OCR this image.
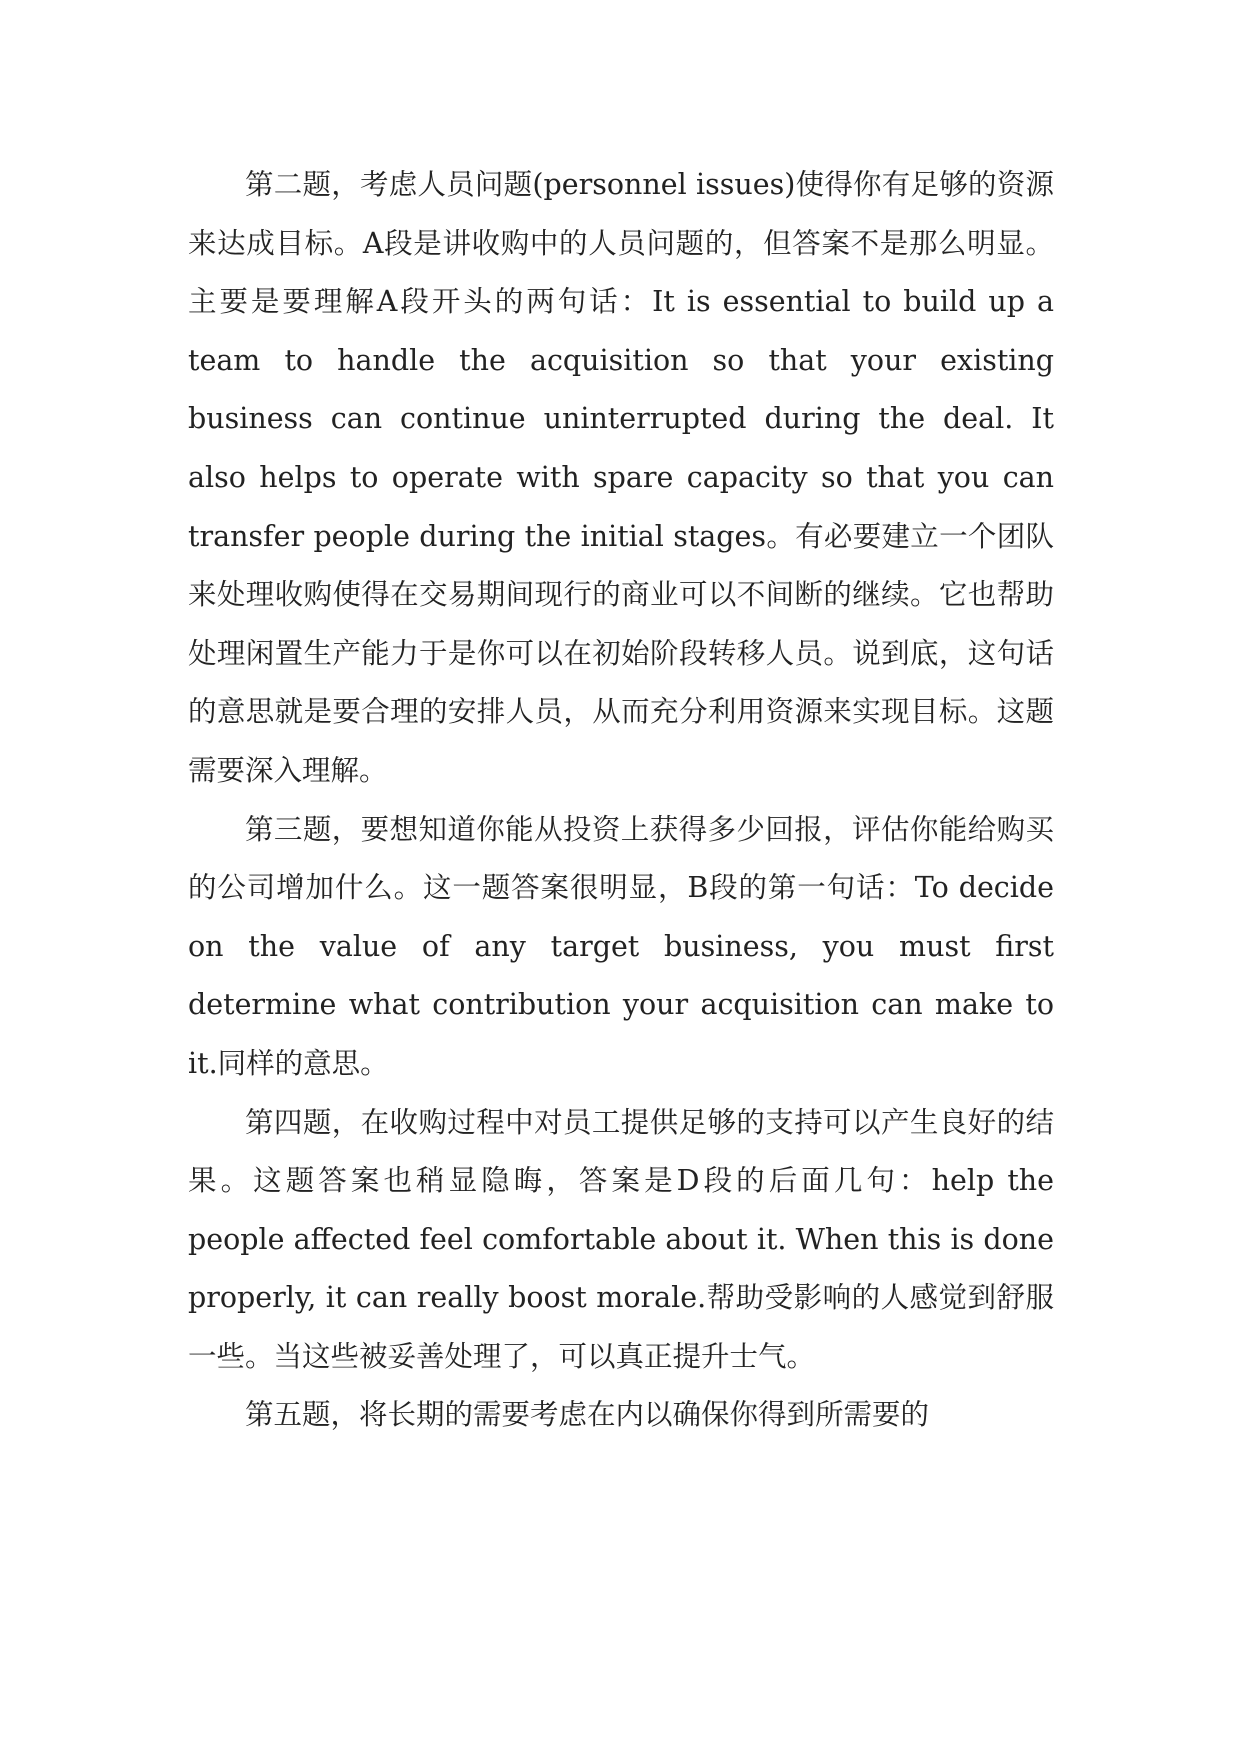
第二题，考虑人员问题(personnel issues)使得你有足够的资源来达成目标。A段是讲收购中的人员问题的，但答案不是那么明显。主要是要理解A段开头的两句话：It is essential to build up a team to handle the acquisition so that your existing business can continue uninterrupted during the deal. It also helps to operate with spare capacity so that you can transfer people during the initial stages。有必要建立一个团队来处理收购使得在交易期间现行的商业可以不间断的继续。它也帮助处理闲置生产能力于是你可以在初始阶段转移人员。说到底，这句话的意思就是要合理的安排人员，从而充分利用资源来实现目标。这题需要深入理解。

第三题，要想知道你能从投资上获得多少回报，评估你能给购买的公司增加什么。这一题答案很明显，B段的第一句话：To decide on the value of any target business, you must first determine what contribution your acquisition can make to it.同样的意思。

第四题，在收购过程中对员工提供足够的支持可以产生良好的结果。这题答案也稍显隐晦，答案是D段的后面几句：help the people affected feel comfortable about it. When this is done properly, it can really boost morale.帮助受影响的人感觉到舒服一些。当这些被妥善处理了，可以真正提升士气。

第五题，将长期的需要考虑在内以确保你得到所需要的
